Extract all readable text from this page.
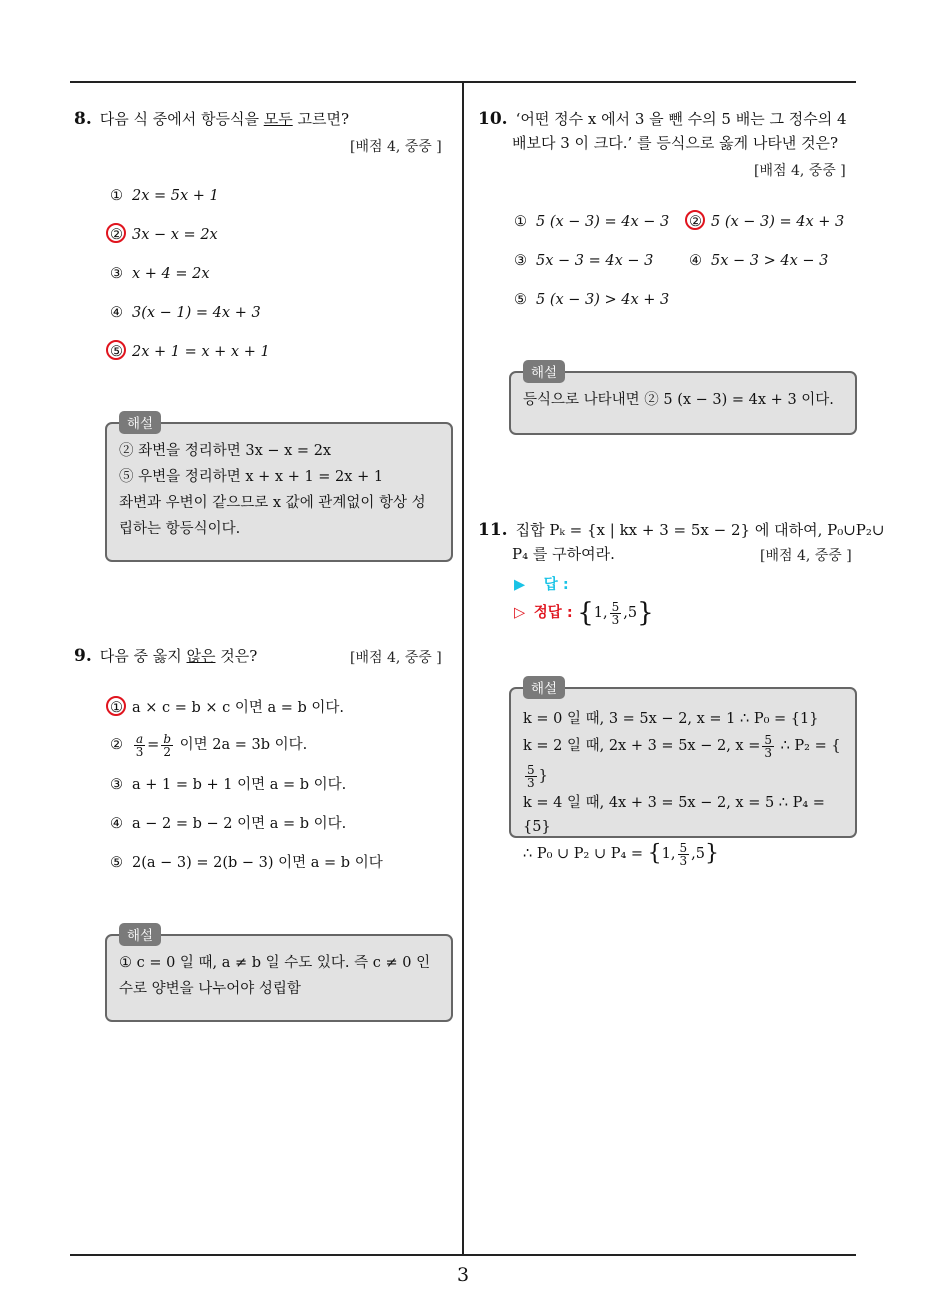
3
8. 다음 식 중에서 항등식을 모두 고르면?
[배점 4, 중중 ]
① 2x = 5x + 1
② 3x − x = 2x
③ x + 4 = 2x
④ 3(x − 1) = 4x + 3
⑤ 2x + 1 = x + x + 1
② 좌변을 정리하면 3x − x = 2x
⑤ 우변을 정리하면 x + x + 1 = 2x + 1
좌변과 우변이 같으므로 x 값에 관계없이 항상 성
립하는 항등식이다.
해설
9. 다음 중 옳지 않은 것은?	[배점 4, 중중 ]
① a × c = b × c 이면 a = b 이다.
② $\frac{a}{3} = \frac{b}{2}$ 이면 2a = 3b 이다.
③ a + 1 = b + 1 이면 a = b 이다.
④ a − 2 = b − 2 이면 a = b 이다.
⑤ 2(a − 3) = 2(b − 3) 이면 a = b 이다
① c = 0 일 때, a ≠ b 일 수도 있다. 즉 c ≠ 0 인
수로 양변을 나누어야 성립함
해설
10. ‘어떤 정수 x 에서 3 을 뺀 수의 5 배는 그 정수의 4
배보다 3 이 크다.’ 를 등식으로 옳게 나타낸 것은?
[배점 4, 중중 ]
① 5 (x − 3) = 4x − 3 ② 5 (x − 3) = 4x + 3
③ 5x − 3 = 4x − 3 ④ 5x − 3 > 4x − 3
⑤ 5 (x − 3) > 4x + 3
등식으로 나타내면 ② 5 (x − 3) = 4x + 3 이다.
해설
11. 집합 Pₖ = {x | kx + 3 = 5x − 2} 에 대하여, P₀∪P₂∪
P₄ 를 구하여라.	[배점 4, 중중 ]
▶ 답 :
▷ 정답 : {1, $\frac{5}{3} ,5$}
k = 0 일 때, 3 = 5x − 2, x = 1 ∴ P₀ = {1}
k = 2 일 때, 2x + 3 = 5x − 2, $x = \frac{5}{3}$ ∴ P₂ = {
$\frac{5}{3}$ }
k = 4 일 때, 4x + 3 = 5x − 2, x = 5 ∴ P₄ = {5}
∴ P₀ ∪ P₂ ∪ P₄ = {1, $\frac{5}{3} ,5$}
해설
